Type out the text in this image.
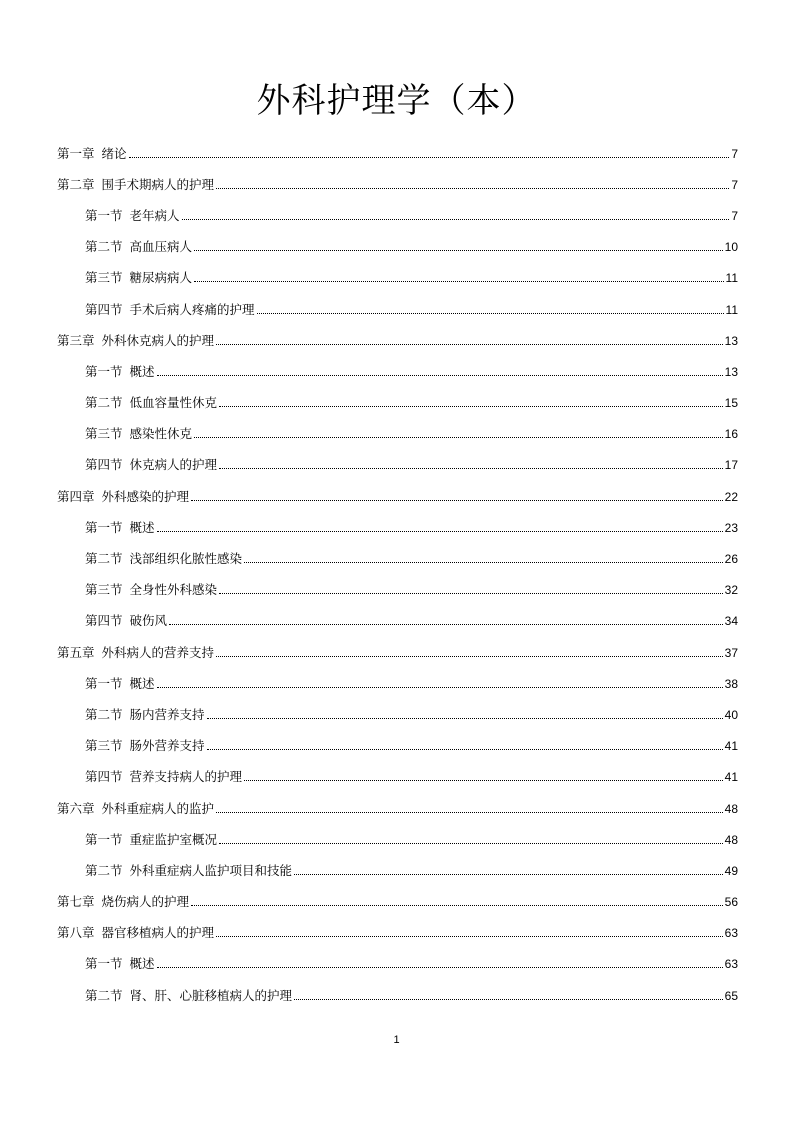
外科护理学（本）
第一章 绪论	7
第二章 围手术期病人的护理	7
第一节 老年病人	7
第二节 高血压病人	10
第三节 糖尿病病人	11
第四节 手术后病人疼痛的护理	11
第三章 外科休克病人的护理	13
第一节 概述	13
第二节 低血容量性休克	15
第三节 感染性休克	16
第四节 休克病人的护理	17
第四章 外科感染的护理	22
第一节 概述	23
第二节 浅部组织化脓性感染	26
第三节 全身性外科感染	32
第四节 破伤风	34
第五章 外科病人的营养支持	37
第一节 概述	38
第二节 肠内营养支持	40
第三节 肠外营养支持	41
第四节 营养支持病人的护理	41
第六章 外科重症病人的监护	48
第一节 重症监护室概况	48
第二节 外科重症病人监护项目和技能	49
第七章 烧伤病人的护理	56
第八章 器官移植病人的护理	63
第一节 概述	63
第二节 肾、肝、心脏移植病人的护理	65
1
